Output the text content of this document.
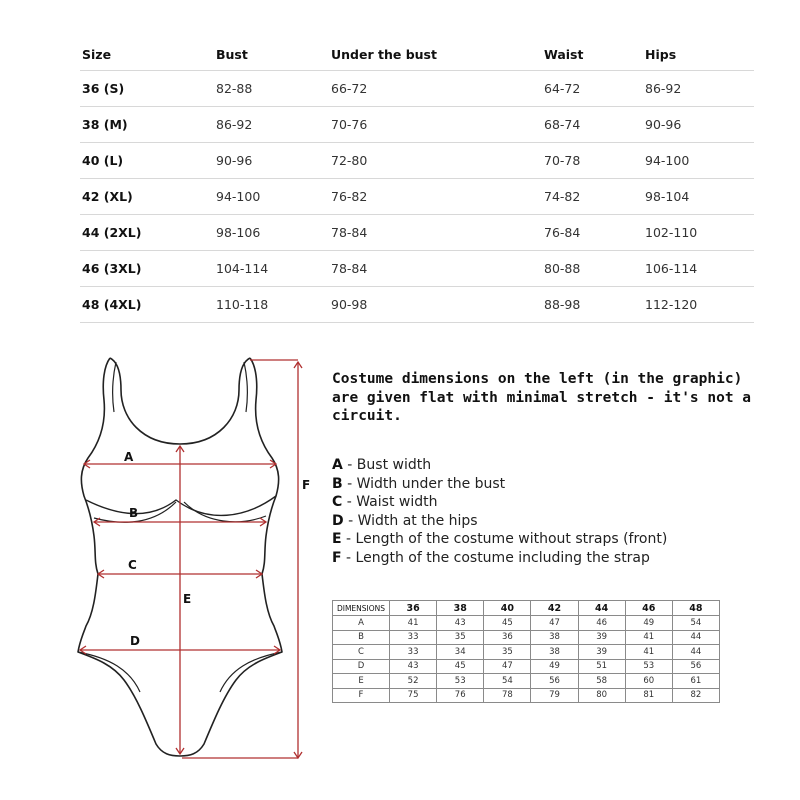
Size	Bust	Under the bust	Waist	Hips
36 (S)	82-88	66-72	64-72	86-92
38 (M)	86-92	70-76	68-74	90-96
40 (L)	90-96	72-80	70-78	94-100
42 (XL)	94-100	76-82	74-82	98-104
44 (2XL)	98-106	78-84	76-84	102-110
46 (3XL)	104-114	78-84	80-88	106-114
48 (4XL)	110-118	90-98	88-98	112-120
A
B
C
D
E
F
Costume dimensions on the left (in the graphic) are given flat with minimal stretch - it's not a circuit.
A - Bust width
B - Width under the bust
C - Waist width
D - Width at the hips
E - Length of the costume without straps (front)
F - Length of the costume including the strap
DIMENSIONS	36	38	40	42	44	46	48
A	41	43	45	47	46	49	54
B	33	35	36	38	39	41	44
C	33	34	35	38	39	41	44
D	43	45	47	49	51	53	56
E	52	53	54	56	58	60	61
F	75	76	78	79	80	81	82
